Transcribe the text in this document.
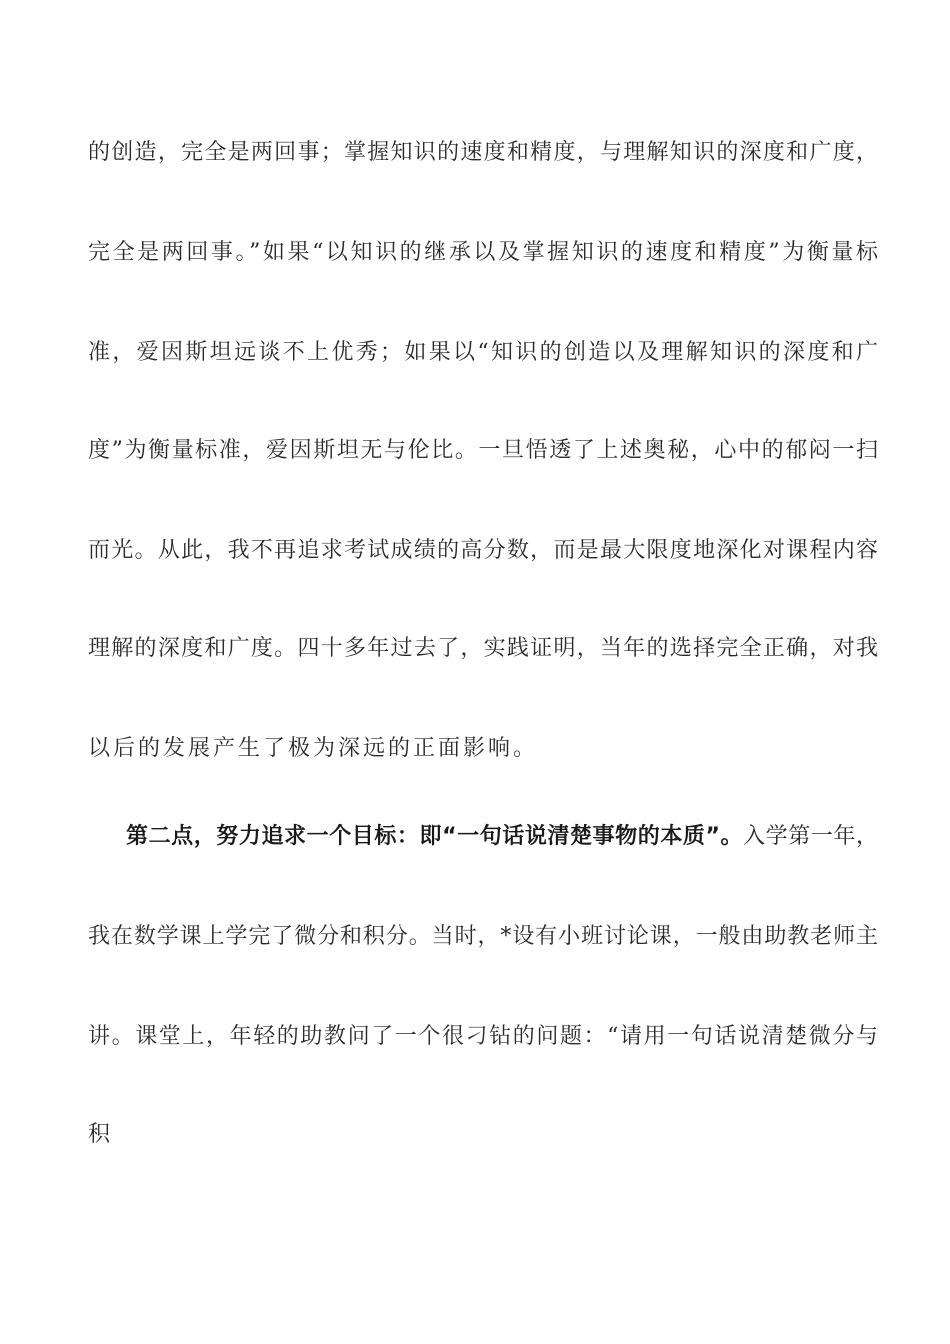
的创造，完全是两回事；掌握知识的速度和精度，与理解知识的深度和广度，
完全是两回事。”如果“以知识的继承以及掌握知识的速度和精度”为衡量标
准，爱因斯坦远谈不上优秀；如果以“知识的创造以及理解知识的深度和广
度”为衡量标准，爱因斯坦无与伦比。一旦悟透了上述奥秘，心中的郁闷一扫
而光。从此，我不再追求考试成绩的高分数，而是最大限度地深化对课程内容
理解的深度和广度。四十多年过去了，实践证明，当年的选择完全正确，对我
以后的发展产生了极为深远的正面影响。
第二点，努力追求一个目标：即“一句话说清楚事物的本质”。入学第一年，
我在数学课上学完了微分和积分。当时，*设有小班讨论课，一般由助教老师主
讲。课堂上，年轻的助教问了一个很刁钻的问题：“请用一句话说清楚微分与
积
